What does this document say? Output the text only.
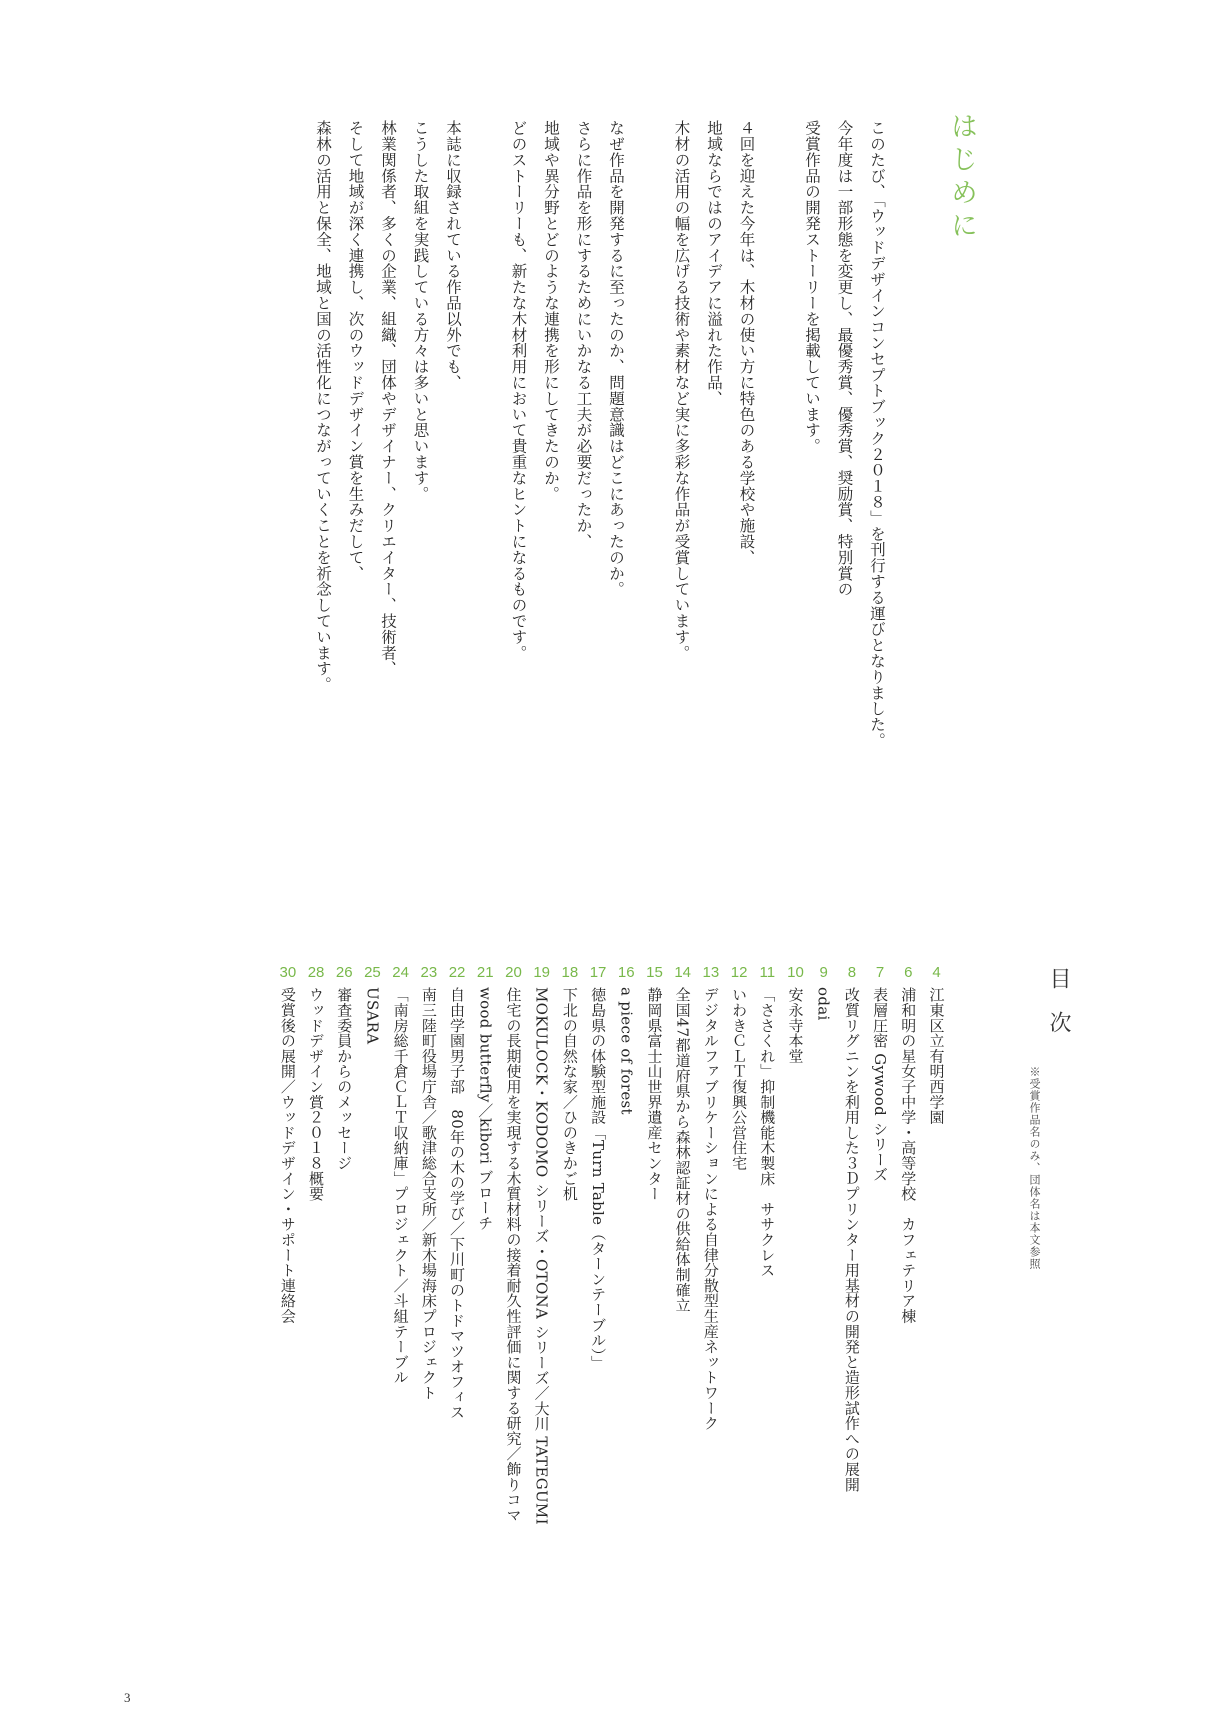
はじめに
このたび、「ウッドデザインコンセプトブック２０１８」を刊行する運びとなりました。
今年度は一部形態を変更し、最優秀賞、優秀賞、奨励賞、特別賞の
受賞作品の開発ストーリーを掲載しています。
４回を迎えた今年は、木材の使い方に特色のある学校や施設、
地域ならではのアイデアに溢れた作品、
木材の活用の幅を広げる技術や素材など実に多彩な作品が受賞しています。
なぜ作品を開発するに至ったのか、問題意識はどこにあったのか。
さらに作品を形にするためにいかなる工夫が必要だったか、
地域や異分野とどのような連携を形にしてきたのか。
どのストーリーも、新たな木材利用において貴重なヒントになるものです。
本誌に収録されている作品以外でも、
こうした取組を実践している方々は多いと思います。
林業関係者、多くの企業、組織、団体やデザイナー、クリエイター、技術者、
そして地域が深く連携し、次のウッドデザイン賞を生みだして、
森林の活用と保全、地域と国の活性化につながっていくことを祈念しています。
目次
※受賞作品名のみ、団体名は本文参照
4江東区立有明西学園
6浦和明の星女子中学・高等学校　カフェテリア棟
7表層圧密 Gywood シリーズ
8改質リグニンを利用した３Ｄプリンター用基材の開発と造形試作への展開
9odai
10安永寺本堂
11「ささくれ」抑制機能木製床　ササクレス
12いわきＣＬＴ復興公営住宅
13デジタルファブリケーションによる自律分散型生産ネットワーク
14全国47都道府県から森林認証材の供給体制確立
15静岡県富士山世界遺産センター
16a piece of forest
17徳島県の体験型施設「Turn Table（ターンテーブル）」
18下北の自然な家／ひのきかご机
19MOKULOCK・KODOMO シリーズ・OTONA シリーズ／大川 TATEGUMI
20住宅の長期使用を実現する木質材料の接着耐久性評価に関する研究／飾りコマ
21wood butterfly／kibori ブローチ
22自由学園男子部　80年の木の学び／下川町のトドマツオフィス
23南三陸町役場庁舎／歌津総合支所／新木場海床プロジェクト
24「南房総千倉ＣＬＴ収納庫」プロジェクト／斗組テーブル
25USARA
26審査委員からのメッセージ
28ウッドデザイン賞２０１８概要
30受賞後の展開／ウッドデザイン・サポート連絡会
3
